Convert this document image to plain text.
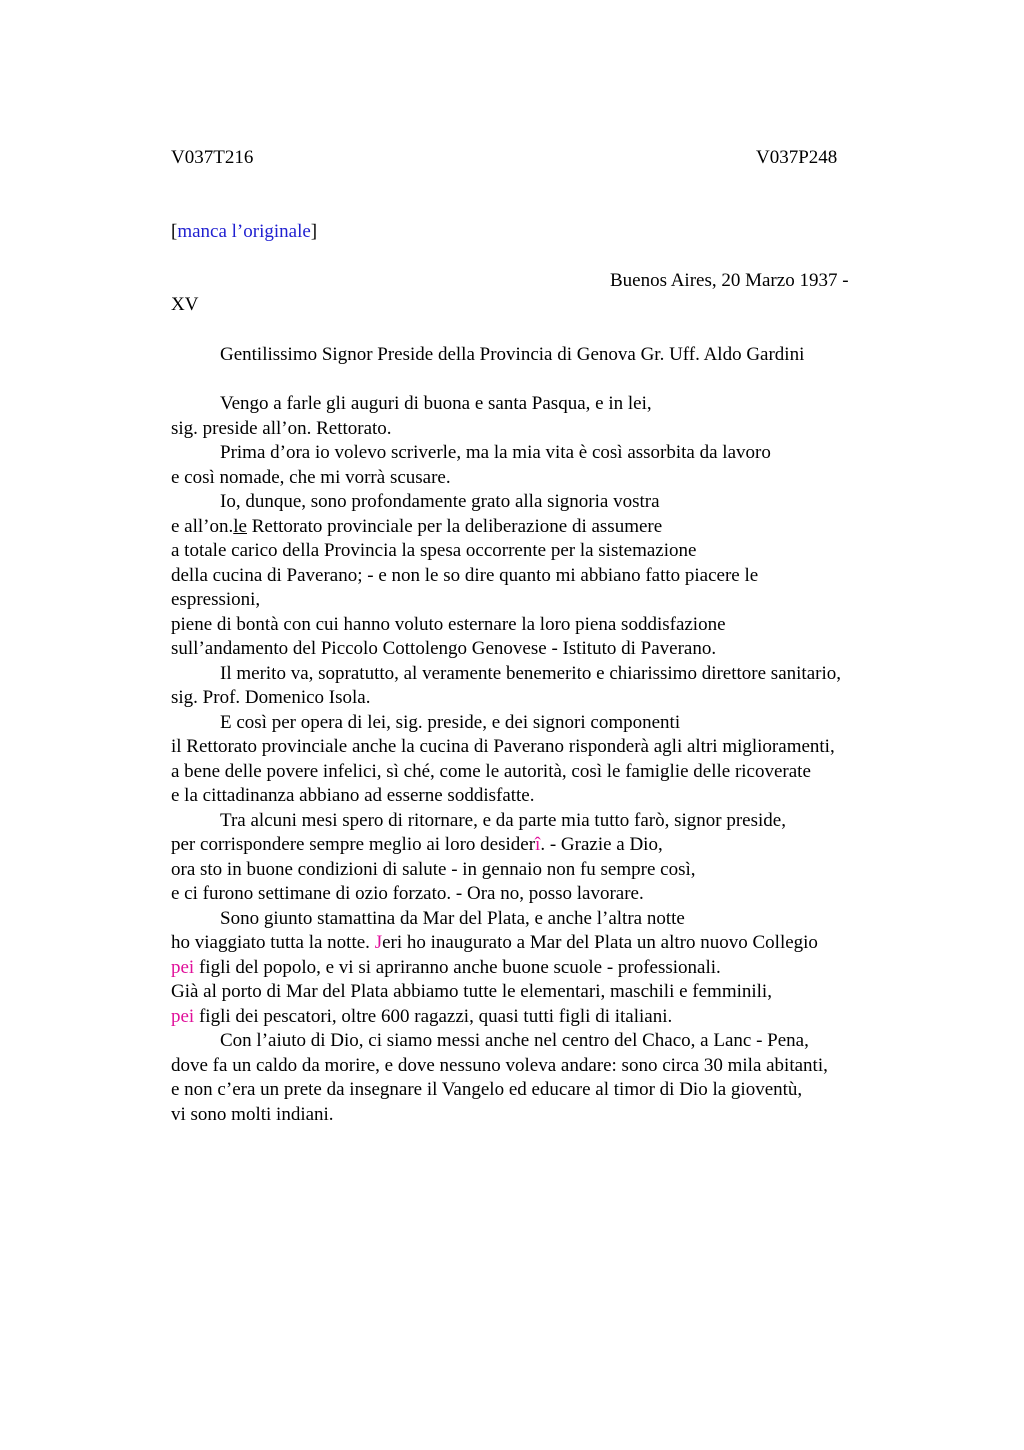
V037T216	V037P248
[manca l’originale]
Buenos Aires, 20 Marzo 1937 -
XV
Gentilissimo Signor Preside della Provincia di Genova Gr. Uff. Aldo Gardini
Vengo a farle gli auguri di buona e santa Pasqua, e in lei,
sig. preside all’on. Rettorato.
Prima d’ora io volevo scriverle, ma la mia vita è così assorbita da lavoro
e così nomade, che mi vorrà scusare.
Io, dunque, sono profondamente grato alla signoria vostra
e all’on.le Rettorato provinciale per la deliberazione di assumere
a totale carico della Provincia la spesa occorrente per la sistemazione
della cucina di Paverano; - e non le so dire quanto mi abbiano fatto piacere le
espressioni,
piene di bontà con cui hanno voluto esternare la loro piena soddisfazione
sull’andamento del Piccolo Cottolengo Genovese - Istituto di Paverano.
Il merito va, sopratutto, al veramente benemerito e chiarissimo direttore sanitario,
sig. Prof. Domenico Isola.
E così per opera di lei, sig. preside, e dei signori componenti
il Rettorato provinciale anche la cucina di Paverano risponderà agli altri miglioramenti,
a bene delle povere infelici, sì ché, come le autorità, così le famiglie delle ricoverate
e la cittadinanza abbiano ad esserne soddisfatte.
Tra alcuni mesi spero di ritornare, e da parte mia tutto farò, signor preside,
per corrispondere sempre meglio ai loro desiderî. - Grazie a Dio,
ora sto in buone condizioni di salute - in gennaio non fu sempre così,
e ci furono settimane di ozio forzato. - Ora no, posso lavorare.
Sono giunto stamattina da Mar del Plata, e anche l’altra notte
ho viaggiato tutta la notte. Jeri ho inaugurato a Mar del Plata un altro nuovo Collegio
pei figli del popolo, e vi si apriranno anche buone scuole - professionali.
Già al porto di Mar del Plata abbiamo tutte le elementari, maschili e femminili,
pei figli dei pescatori, oltre 600 ragazzi, quasi tutti figli di italiani.
Con l’aiuto di Dio, ci siamo messi anche nel centro del Chaco, a Lanc - Pena,
dove fa un caldo da morire, e dove nessuno voleva andare: sono circa 30 mila abitanti,
e non c’era un prete da insegnare il Vangelo ed educare al timor di Dio la gioventù,
vi sono molti indiani.
